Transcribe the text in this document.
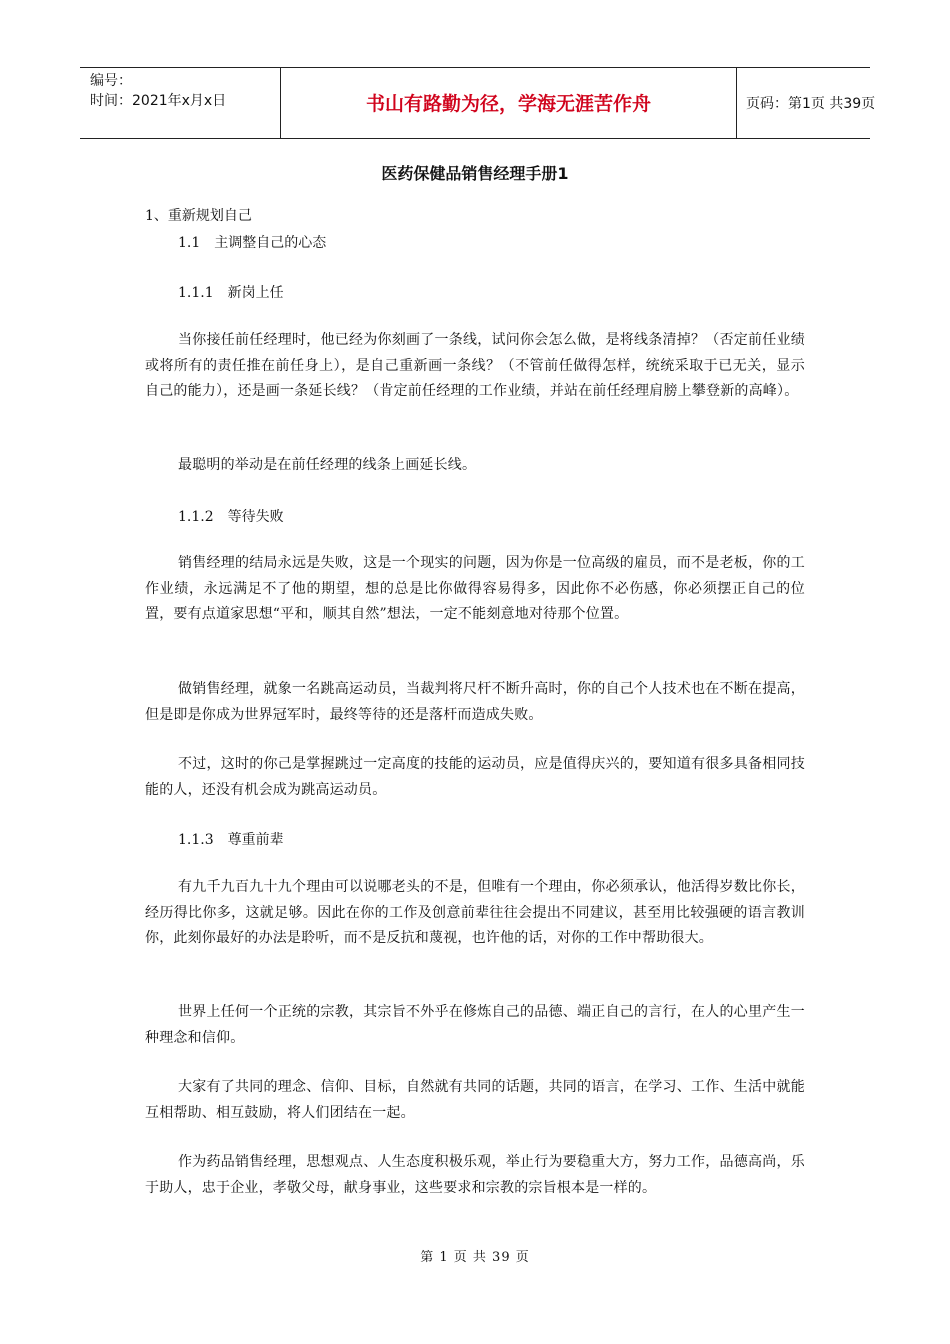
编号：
时间：2021年x月x日	书山有路勤为径，学海无涯苦作舟	页码：第1页 共39页
医药保健品销售经理手册1
1、重新规划自己
1.1　主调整自己的心态
1.1.1　新岗上任
当你接任前任经理时，他已经为你刻画了一条线，试问你会怎么做，是将线条清掉？（否定前任业绩或将所有的责任推在前任身上），是自己重新画一条线？（不管前任做得怎样，统统采取于已无关，显示自己的能力），还是画一条延长线？（肯定前任经理的工作业绩，并站在前任经理肩膀上攀登新的高峰）。
最聪明的举动是在前任经理的线条上画延长线。
1.1.2　等待失败
销售经理的结局永远是失败，这是一个现实的问题，因为你是一位高级的雇员，而不是老板，你的工作业绩，永远满足不了他的期望，想的总是比你做得容易得多，因此你不必伤感，你必须摆正自己的位置，要有点道家思想“平和，顺其自然”想法，一定不能刻意地对待那个位置。
做销售经理，就象一名跳高运动员，当裁判将尺杆不断升高时，你的自己个人技术也在不断在提高，但是即是你成为世界冠军时，最终等待的还是落杆而造成失败。
不过，这时的你己是掌握跳过一定高度的技能的运动员，应是值得庆兴的，要知道有很多具备相同技能的人，还没有机会成为跳高运动员。
1.1.3　尊重前辈
有九千九百九十九个理由可以说哪老头的不是，但唯有一个理由，你必须承认，他活得岁数比你长，经历得比你多，这就足够。因此在你的工作及创意前辈往往会提出不同建议，甚至用比较强硬的语言教训你，此刻你最好的办法是聆听，而不是反抗和蔑视，也许他的话，对你的工作中帮助很大。
世界上任何一个正统的宗教，其宗旨不外乎在修炼自己的品德、端正自己的言行，在人的心里产生一种理念和信仰。
大家有了共同的理念、信仰、目标，自然就有共同的话题，共同的语言，在学习、工作、生活中就能互相帮助、相互鼓励，将人们团结在一起。
作为药品销售经理，思想观点、人生态度积极乐观，举止行为要稳重大方，努力工作，品德高尚，乐于助人，忠于企业，孝敬父母，献身事业，这些要求和宗教的宗旨根本是一样的。
第 1 页 共 39 页
